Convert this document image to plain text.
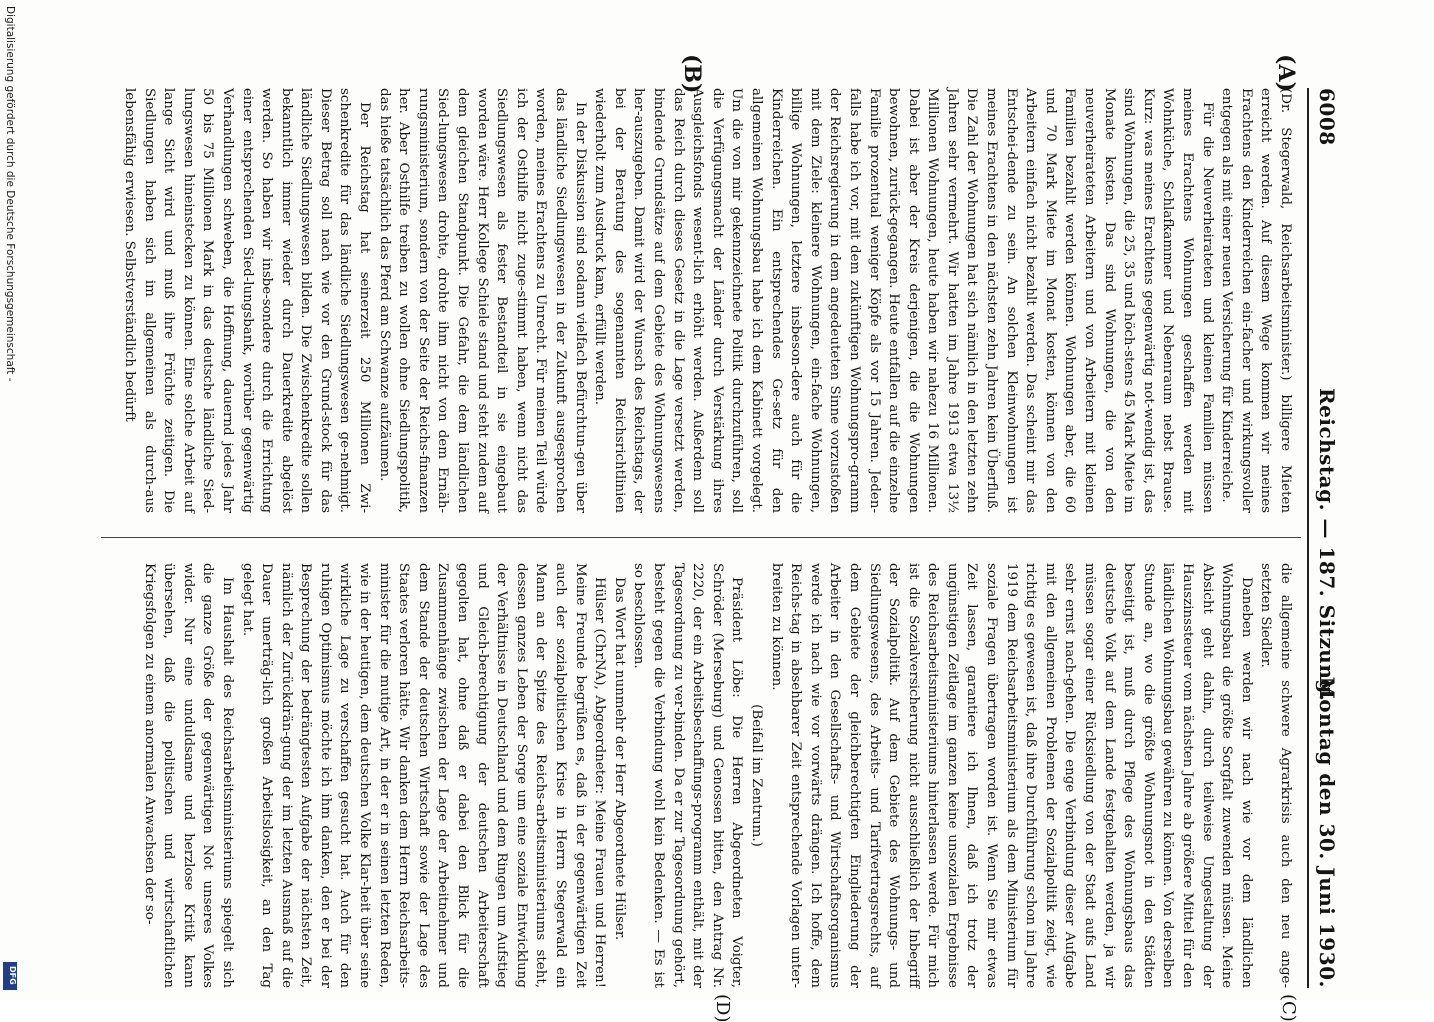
Digitalisierung gefördert durch die Deutsche Forschungsgemeinschaft -
DFG
6008
Reichstag. — 187. Sitzung.
Montag den 30. Juni 1930.
(A)
(B)
(C)
(D)

(Dr. Stegerwald, Reichsarbeitsminister.) billigere Mieten erreicht werden. Auf diesem Wege kommen wir meines Erachtens den Kinderreichen ein-facher und wirkungsvoller entgegen als mit einer neuen Versicherung für Kinderreiche.

Für die Neuverheirateten und kleinen Familien müssen meines Erachtens Wohnungen geschaffen werden mit Wohnküche, Schlafkammer und Nebenraum nebst Brause. Kurz: was meines Erachtens gegenwärtig not-wendig ist, das sind Wohnungen, die 25, 35 und höch-stens 45 Mark Miete im Monate kosten. Das sind Wohnungen, die von den neuverheirateten Arbeitern und von Arbeitern mit kleinen Familien bezahlt werden können. Wohnungen aber, die 60 und 70 Mark Miete im Monat kosten, können von den Arbeitern einfach nicht bezahlt werden. Das scheint mir das Entschei-dende zu sein. An solchen Kleinwohnungen ist meines Erachtens in den nächsten zehn Jahren kein Überfluß. Die Zahl der Wohnungen hat sich nämlich in den letzten zehn Jahren sehr vermehrt. Wir hatten im Jahre 1913 etwa 13½ Millionen Wohnungen, heute haben wir nahezu 16 Millionen. Dabei ist aber der Kreis derjenigen, die die Wohnungen bewohnen, zurück-gegangen. Heute entfallen auf die einzelne Familie prozentual weniger Köpfe als vor 15 Jahren. Jeden-falls habe ich vor, mit dem zukünftigen Wohnungspro-gramm der Reichsregierung in dem angedeuteten Sinne vorzustoßen mit dem Ziele: kleinere Wohnungen, ein-fache Wohnungen, billige Wohnungen, letztere insbeson-dere auch für die Kinderreichen. Ein entsprechendes Ge-setz für den allgemeinen Wohnungsbau habe ich dem Kabinett vorgelegt. Um die von mir gekennzeichnete Politik durchzuführen, soll die Verfügungsmacht der Länder durch Verstärkung ihres Ausgleichsfonds wesent-lich erhöht werden. Außerdem soll das Reich durch dieses Gesetz in die Lage versetzt werden, bindende Grundsätze auf dem Gebiete des Wohnungswesens her-auszugeben. Damit wird der Wunsch des Reichstags, der bei der Beratung des sogenannten Reichsrichtlinien wiederholt zum Ausdruck kam, erfüllt werden.

In der Diskussion sind sodann vielfach Befürchtun-gen über das ländliche Siedlungswesen in der Zukunft ausgesprochen worden, meines Erachtens zu Unrecht. Für meinen Teil würde ich der Osthilfe nicht zuge-stimmt haben, wenn nicht das Siedlungswesen als fester Bestandteil in sie eingebaut worden wäre. Herr Kollege Schiele stand und steht zudem auf dem gleichen Standpunkt. Die Gefahr, die dem ländlichen Sied-lungswesen drohte, drohte ihm nicht von dem Ernäh-rungsministerium, sondern von der Seite der Reichs-finanzen her. Aber Osthilfe treiben zu wollen ohne Siedlungspolitik, das hieße tatsächlich das Pferd am Schwanze aufzäumen.

Der Reichstag hat seinerzeit 250 Millionen Zwi-schenkredite für das ländliche Siedlungswesen ge-nehmigt. Dieser Betrag soll nach wie vor den Grund-stock für das ländliche Siedlungswesen bilden. Die Zwischenkredite sollen bekanntlich immer wieder durch Dauerkredite abgelöst werden. So haben wir insbe-sondere durch die Errichtung einer entsprechenden Sied-lungsbank, worüber gegenwärtig Verhandlungen schweben, die Hoffnung, dauernd jedes Jahr 50 bis 75 Millionen Mark in das deutsche ländliche Sied-lungswesen hineinstecken zu können. Eine solche Arbeit auf lange Sicht wird und muß ihre Früchte zeitigen. Die Siedlungen haben sich im allgemeinen als durch-aus lebensfähig erwiesen. Selbstverständlich bedürft

die allgemeine schwere Agrarkrisis auch den neu ange-setzten Siedler.

Daneben werden wir nach wie vor dem ländlichen Wohnungsbau die größte Sorgfalt zuwenden müssen. Meine Absicht geht dahin, durch teilweise Umgestaltung der Hauszinssteuer vom nächsten Jahre ab größere Mittel für den ländlichen Wohnungsbau gewähren zu können. Von derselben Stunde an, wo die größte Wohnungsnot in den Städten beseitigt ist, muß durch Pflege des Wohnungsbaus das deutsche Volk auf dem Lande festgehalten werden, ja wir müssen sogar einer Rücksiedlung von der Stadt aufs Land sehr ernst nach-gehen. Die enge Verbindung dieser Aufgabe mit den allgemeinen Problemen der Sozialpolitik zeigt, wie richtig es gewesen ist, daß ihre Durchführung schon im Jahre 1919 dem Reichsarbeitsministerium als dem Ministerium für soziale Fragen übertragen worden ist. Wenn Sie mir etwas Zeit lassen, garantiere ich Ihnen, daß ich trotz der ungünstigen Zeitlage im ganzen keine unsozialen Ergebnisse des Reichsarbeitsministeriums hinterlassen werde. Für mich ist die Sozialversicherung nicht ausschließlich der Inbegriff der Sozialpolitik. Auf dem Gebiete des Wohnungs- und Siedlungswesens, des Arbeits- und Tarifvertragsrechts, auf dem Gebiete der gleichberechtigten Eingliederung der Arbeiter in den Gesellschafts- und Wirtschaftsorganismus werde ich nach wie vor vorwärts drängen. Ich hoffe, dem Reichs-tag in absehbarer Zeit entsprechende Vorlagen unter-breiten zu können.

(Beifall im Zentrum.)

Präsident Löbe: Die Herren Abgeordneten Voigter, Schröder (Merseburg) und Genossen bitten, den Antrag Nr. 2220, der ein Arbeitsbeschaffungs-programm enthält, mit der Tagesordnung zu ver-binden. Da er zur Tagesordnung gehört, besteht gegen die Verbindung wohl kein Bedenken. — Es ist so beschlossen.

Das Wort hat nunmehr der Herr Abgeordnete Hülser.

Hülser (ChrNA), Abgeordneter: Meine Frauen und Herren! Meine Freunde begrüßen es, daß in der gegenwärtigen Zeit auch der sozialpolitischen Krise in Herrn Stegerwald ein Mann an der Spitze des Reichs-arbeitsministeriums steht, dessen ganzes Leben der Sorge um eine soziale Entwicklung der Verhältnisse in Deutschland und dem Ringen um Aufstieg und Gleich-berechtigung der deutschen Arbeiterschaft gegolten hat, ohne daß er dabei den Blick für die Zusammenhänge zwischen der Lage der Arbeitnehmer und dem Stande der deutschen Wirtschaft sowie der Lage des Staates verloren hätte. Wir danken dem Herrn Reichsarbeits-minister für die mutige Art, in der er in seinen letzten Reden, wie in der heutigen, dem deutschen Volke Klar-heit über seine wirkliche Lage zu verschaffen gesucht hat. Auch für den ruhigen Optimismus möchte ich ihm danken, den er bei der Besprechung der bedrängtesten Aufgabe der nächsten Zeit, nämlich der Zurückdrän-gung der im letzten Ausmaß auf die Dauer unerträg-lich großen Arbeitslosigkeit, an den Tag gelegt hat.

Im Haushalt des Reichsarbeitsministeriums spiegelt sich die ganze Größe der gegenwärtigen Not unseres Volkes wider. Nur eine unduldsame und herzlose Kritik kann übersehen, daß die politischen und wirtschaftlichen Kriegsfolgen zu einem anormalen Anwachsen der so-
